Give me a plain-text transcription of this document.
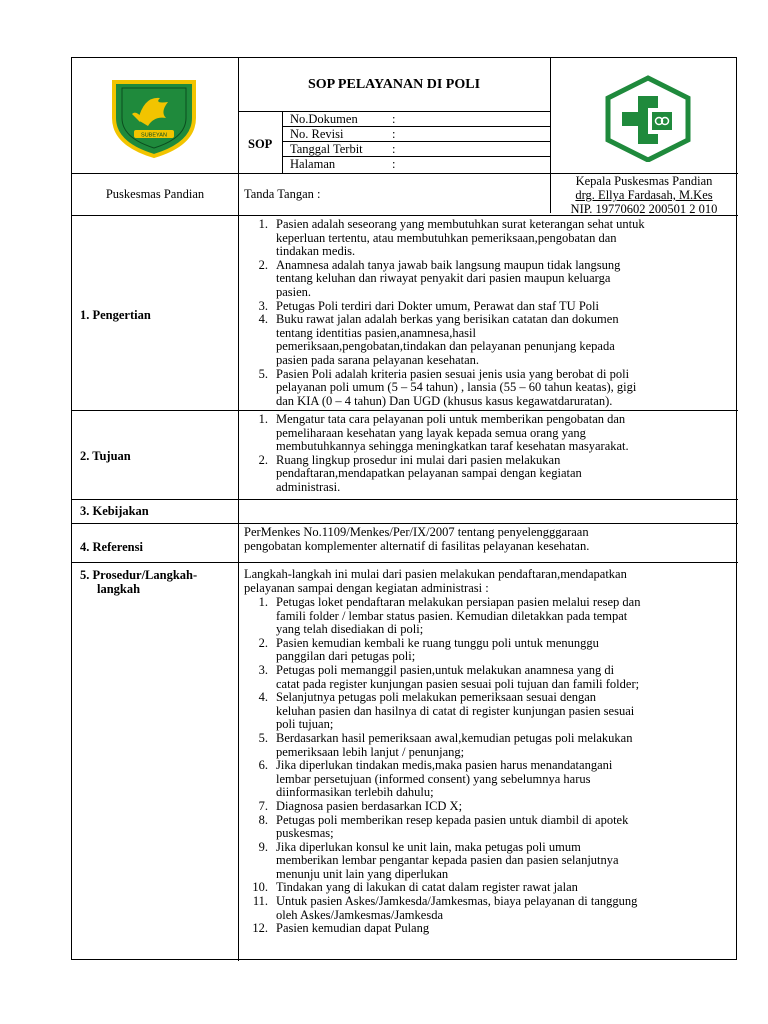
SUBEYAN
SOP PELAYANAN DI POLI
SOP
No.Dokumen
No. Revisi
Tanggal Terbit
Halaman
:
:
:
:
Puskesmas Pandian	Tanda Tangan :
Kepala Puskesmas Pandian
drg. Ellya Fardasah, M.Kes
NIP. 19770602 200501 2 010
1. Pengertian
1. Pasien adalah seseorang yang membutuhkan surat keterangan sehat untuk
keperluan tertentu, atau membutuhkan pemeriksaan,pengobatan dan
tindakan medis.
2. Anamnesa adalah tanya jawab baik langsung maupun tidak langsung
tentang keluhan dan riwayat penyakit dari pasien maupun keluarga
pasien.
3. Petugas Poli terdiri dari Dokter umum, Perawat dan staf TU Poli
4. Buku rawat jalan adalah berkas yang berisikan catatan dan dokumen
tentang identitias pasien,anamnesa,hasil
pemeriksaan,pengobatan,tindakan dan pelayanan penunjang kepada
pasien pada sarana pelayanan kesehatan.
5. Pasien Poli adalah kriteria pasien sesuai jenis usia yang berobat di poli
pelayanan poli umum (5 – 54 tahun) , lansia (55 – 60 tahun keatas), gigi
dan KIA (0 – 4 tahun) Dan UGD (khusus kasus kegawatdaruratan).
2. Tujuan
1. Mengatur tata cara pelayanan poli untuk memberikan pengobatan dan
pemeliharaan kesehatan yang layak kepada semua orang yang
membutuhkannya sehingga meningkatkan taraf kesehatan masyarakat.
2. Ruang lingkup prosedur ini mulai dari pasien melakukan
pendaftaran,mendapatkan pelayanan sampai dengan kegiatan
administrasi.
3. Kebijakan
4. Referensi
PerMenkes No.1109/Menkes/Per/IX/2007 tentang penyelengggaraan
pengobatan komplementer alternatif di fasilitas pelayanan kesehatan.
5. Prosedur/Langkah-
langkah
Langkah-langkah ini mulai dari pasien melakukan pendaftaran,mendapatkan
pelayanan sampai dengan kegiatan administrasi :
1. Petugas loket pendaftaran melakukan persiapan pasien melalui resep dan
famili folder / lembar status pasien. Kemudian diletakkan pada tempat
yang telah disediakan di poli;
2. Pasien kemudian kembali ke ruang tunggu poli untuk menunggu
panggilan dari petugas poli;
3. Petugas poli memanggil pasien,untuk melakukan anamnesa yang di
catat pada register kunjungan pasien sesuai poli tujuan dan famili folder;
4. Selanjutnya petugas poli melakukan pemeriksaan sesuai dengan
keluhan pasien dan hasilnya di catat di register kunjungan pasien sesuai
poli tujuan;
5. Berdasarkan hasil pemeriksaan awal,kemudian petugas poli melakukan
pemeriksaan lebih lanjut / penunjang;
6. Jika diperlukan tindakan medis,maka pasien harus menandatangani
lembar persetujuan (informed consent) yang sebelumnya harus
diinformasikan terlebih dahulu;
7. Diagnosa pasien berdasarkan ICD X;
8. Petugas poli memberikan resep kepada pasien untuk diambil di apotek
puskesmas;
9. Jika diperlukan konsul ke unit lain, maka petugas poli umum
memberikan lembar pengantar kepada pasien dan pasien selanjutnya
menunju unit lain yang diperlukan
10. Tindakan yang di lakukan di catat dalam register rawat jalan
11. Untuk pasien Askes/Jamkesda/Jamkesmas, biaya pelayanan di tanggung
oleh Askes/Jamkesmas/Jamkesda
12. Pasien kemudian dapat Pulang
